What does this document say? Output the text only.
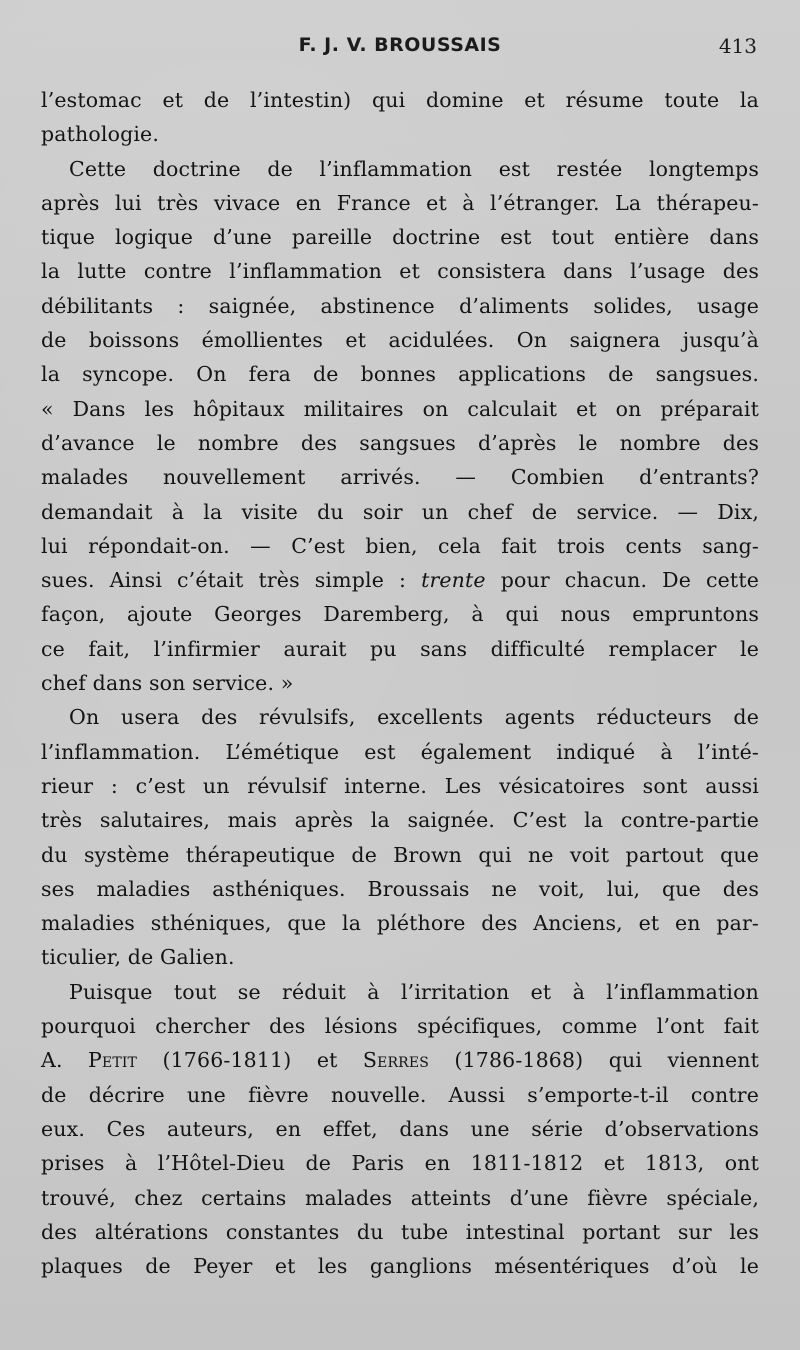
F. J. V. BROUSSAIS	413
l’estomac et de l’intestin) qui domine et résume toute la
pathologie.
Cette doctrine de l’inflammation est restée longtemps
après lui très vivace en France et à l’étranger. La thérapeu-
tique logique d’une pareille doctrine est tout entière dans
la lutte contre l’inflammation et consistera dans l’usage des
débilitants : saignée, abstinence d’aliments solides, usage
de boissons émollientes et acidulées. On saignera jusqu’à
la syncope. On fera de bonnes applications de sangsues.
« Dans les hôpitaux militaires on calculait et on préparait
d’avance le nombre des sangsues d’après le nombre des
malades nouvellement arrivés. — Combien d’entrants?
demandait à la visite du soir un chef de service. — Dix,
lui répondait-on. — C’est bien, cela fait trois cents sang-
sues. Ainsi c’était très simple : trente pour chacun. De cette
façon, ajoute Georges Daremberg, à qui nous empruntons
ce fait, l’infirmier aurait pu sans difficulté remplacer le
chef dans son service. »
On usera des révulsifs, excellents agents réducteurs de
l’inflammation. L’émétique est également indiqué à l’inté-
rieur : c’est un révulsif interne. Les vésicatoires sont aussi
très salutaires, mais après la saignée. C’est la contre-partie
du système thérapeutique de Brown qui ne voit partout que
ses maladies asthéniques. Broussais ne voit, lui, que des
maladies sthéniques, que la pléthore des Anciens, et en par-
ticulier, de Galien.
Puisque tout se réduit à l’irritation et à l’inflammation
pourquoi chercher des lésions spécifiques, comme l’ont fait
A. Petit (1766-1811) et Serres (1786-1868) qui viennent
de décrire une fièvre nouvelle. Aussi s’emporte-t-il contre
eux. Ces auteurs, en effet, dans une série d’observations
prises à l’Hôtel-Dieu de Paris en 1811-1812 et 1813, ont
trouvé, chez certains malades atteints d’une fièvre spéciale,
des altérations constantes du tube intestinal portant sur les
plaques de Peyer et les ganglions mésentériques d’où le
